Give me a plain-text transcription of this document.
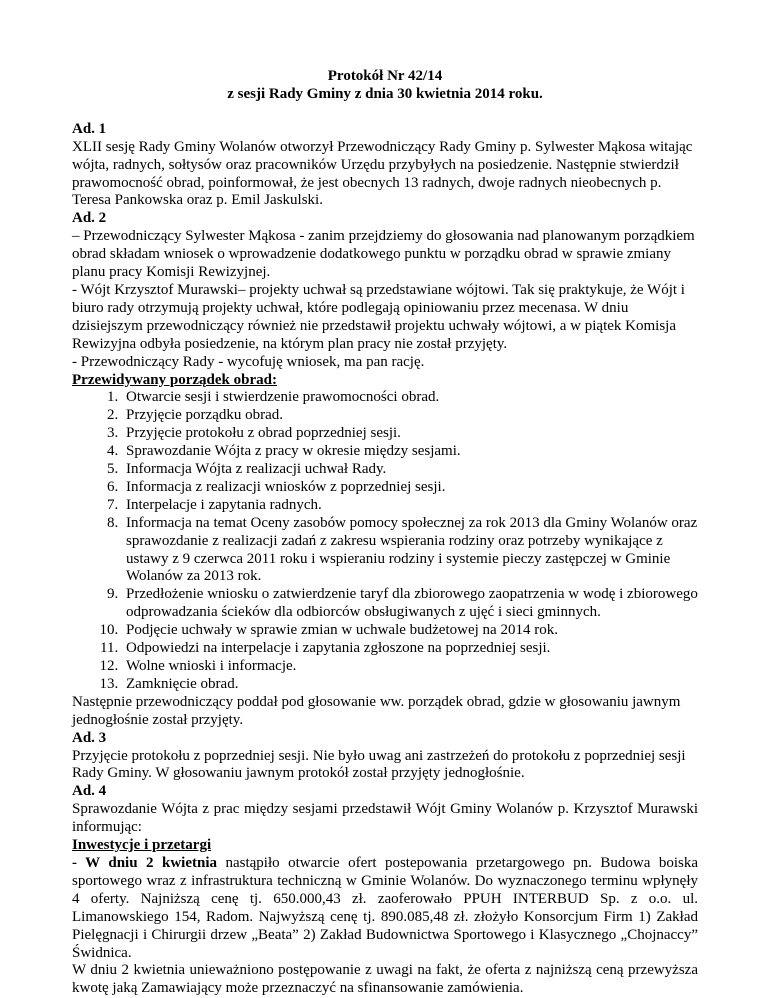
Protokół Nr 42/14

z sesji Rady Gminy z dnia 30 kwietnia 2014 roku.

Ad. 1

XLII sesję Rady Gminy Wolanów otworzył Przewodniczący Rady Gminy p. Sylwester Mąkosa witając wójta, radnych, sołtysów oraz pracowników Urzędu przybyłych na posiedzenie. Następnie stwierdził prawomocność obrad, poinformował, że jest obecnych 13 radnych, dwoje radnych nieobecnych p. Teresa Pankowska oraz p. Emil Jaskulski.

Ad. 2

– Przewodniczący Sylwester Mąkosa - zanim przejdziemy do głosowania nad planowanym porządkiem obrad składam wniosek o wprowadzenie dodatkowego punktu w porządku obrad w sprawie zmiany planu pracy Komisji Rewizyjnej.

- Wójt Krzysztof Murawski– projekty uchwał są przedstawiane wójtowi. Tak się praktykuje, że Wójt i biuro rady otrzymują projekty uchwał, które podlegają opiniowaniu przez mecenasa. W dniu dzisiejszym przewodniczący również nie przedstawił projektu uchwały wójtowi, a w piątek Komisja Rewizyjna odbyła posiedzenie, na którym plan pracy nie został przyjęty.

- Przewodniczący Rady - wycofuję wniosek, ma pan rację.

Przewidywany porządek obrad:

1. Otwarcie sesji i stwierdzenie prawomocności obrad.
2. Przyjęcie porządku obrad.
3. Przyjęcie protokołu z obrad poprzedniej sesji.
4. Sprawozdanie Wójta z pracy w okresie między sesjami.
5. Informacja Wójta z realizacji uchwał Rady.
6. Informacja z realizacji wniosków z poprzedniej sesji.
7. Interpelacje i zapytania radnych.
8. Informacja na temat Oceny zasobów pomocy społecznej za rok 2013 dla Gminy Wolanów oraz sprawozdanie z realizacji zadań z zakresu wspierania rodziny oraz potrzeby wynikające z ustawy z 9 czerwca 2011 roku i wspieraniu rodziny i systemie pieczy zastępczej w Gminie Wolanów za 2013 rok.
9. Przedłożenie wniosku o zatwierdzenie taryf dla zbiorowego zaopatrzenia w wodę i zbiorowego odprowadzania ścieków dla odbiorców obsługiwanych z ujęć i sieci gminnych.
10. Podjęcie uchwały w sprawie zmian w uchwale budżetowej na 2014 rok.
11. Odpowiedzi na interpelacje i zapytania zgłoszone na poprzedniej sesji.
12. Wolne wnioski i informacje.
13. Zamknięcie obrad.

Następnie przewodniczący poddał pod głosowanie ww. porządek obrad, gdzie w głosowaniu jawnym jednogłośnie został przyjęty.

Ad. 3

Przyjęcie protokołu z poprzedniej sesji. Nie było uwag ani zastrzeżeń do protokołu z poprzedniej sesji Rady Gminy. W głosowaniu jawnym protokół został przyjęty jednogłośnie.

Ad. 4

Sprawozdanie Wójta z prac między sesjami przedstawił Wójt Gminy Wolanów p. Krzysztof Murawski informując:

Inwestycje i przetargi

- W dniu 2 kwietnia nastąpiło otwarcie ofert postepowania przetargowego pn. Budowa boiska sportowego wraz z infrastruktura techniczną w Gminie Wolanów. Do wyznaczonego terminu wpłynęły 4 oferty. Najniższą cenę tj. 650.000,43 zł. zaoferowało PPUH INTERBUD Sp. z o.o. ul. Limanowskiego 154, Radom. Najwyższą cenę tj. 890.085,48 zł. złożyło Konsorcjum Firm 1) Zakład Pielęgnacji i Chirurgii drzew „Beata” 2) Zakład Budownictwa Sportowego i Klasycznego „Chojnaccy” Świdnica.

W dniu 2 kwietnia unieważniono postępowanie z uwagi na fakt, że oferta z najniższą ceną przewyższa kwotę jaką Zamawiający może przeznaczyć na sfinansowanie zamówienia.
